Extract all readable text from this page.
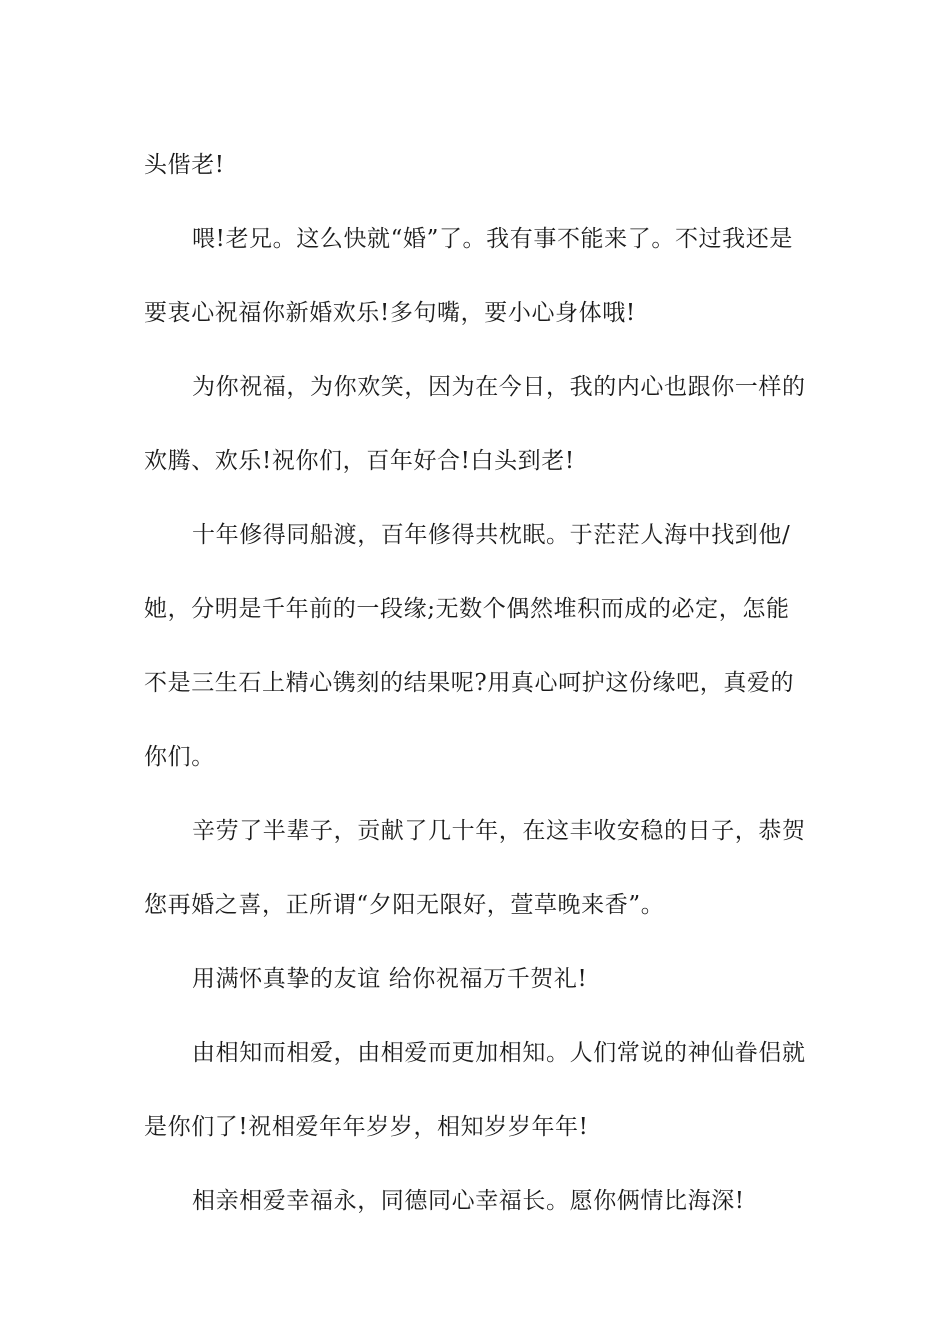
头偕老!

喂!老兄。这么快就“婚”了。我有事不能来了。不过我还是要衷心祝福你新婚欢乐!多句嘴，要小心身体哦!

为你祝福，为你欢笑，因为在今日，我的内心也跟你一样的欢腾、欢乐!祝你们，百年好合!白头到老!

十年修得同船渡，百年修得共枕眠。于茫茫人海中找到他/她，分明是千年前的一段缘;无数个偶然堆积而成的必定，怎能不是三生石上精心镌刻的结果呢?用真心呵护这份缘吧，真爱的你们。

辛劳了半辈子，贡献了几十年，在这丰收安稳的日子，恭贺您再婚之喜，正所谓“夕阳无限好，萱草晚来香”。

用满怀真挚的友谊 给你祝福万千贺礼!

由相知而相爱，由相爱而更加相知。人们常说的神仙眷侣就是你们了!祝相爱年年岁岁，相知岁岁年年!

相亲相爱幸福永，同德同心幸福长。愿你俩情比海深!
